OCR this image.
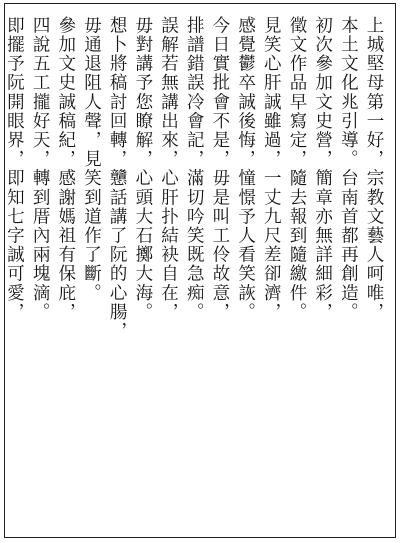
上城堅母第一好，宗教文藝人呵唯，
本土文化兆引導。台南首都再創造。
初次參加文史營，簡章亦無詳細彩，
徵文作品早寫定，隨去報到隨繳件。
見笑心肝誠雖過，一丈九尺差卻濟，
感覺鬱卒誠後悔，憧憬予人看笑詼。
今日實批會不是，毋是叫工伶故意，
排譜錯誤冷會記，滿切吟笑既急痴。
誤解若無講出來，心肝扑結袂自在，
毋對講予您瞭解，心頭大石擲大海。
想卜將稿討回轉，戇話講了阮的心腸，
毋通退阻人聲，見笑到道作了斷。
參加文史誠稿紀，感謝媽祖有保庇，
四說五工攏好天，轉到厝內兩塊滴。
即擺予阮開眼界，即知七字誠可愛，
